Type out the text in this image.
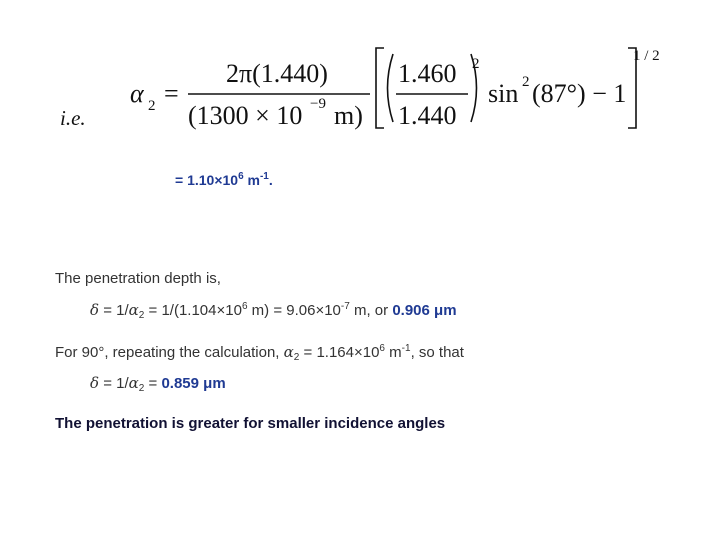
i.e.
α 2 =
2π(1.440)
(1300 × 10 −9 m)
1.460
1.440
2
sin 2 (87°) − 1
1 / 2
= $1.10\times 10^6$ $m^{-1}$.
The penetration depth is,
$\delta = 1/\alpha_2 = 1/(1.104\times 10^6$ $m) = 9.06\times 10^{-7}$ m, or 0.906 μm
For 90°, repeating the calculation, $\alpha_2 = 1.164\times 10^6$ $m^{-1}$, so that
$\delta = 1/\alpha_2 = 0.859$ μm
The penetration is greater for smaller incidence angles
